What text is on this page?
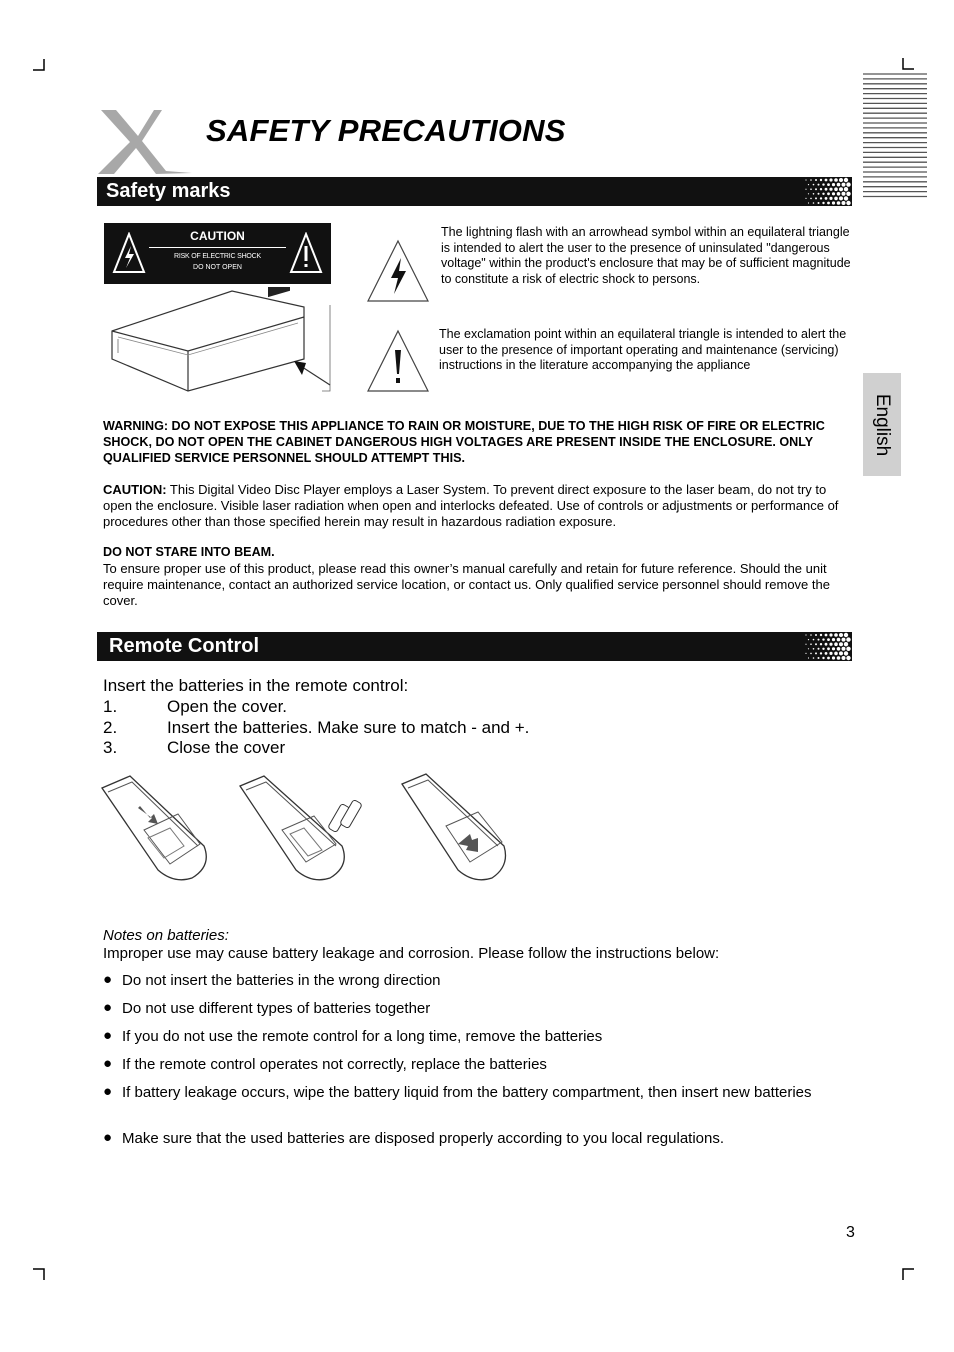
SAFETY PRECAUTIONS
Safety marks
CAUTION
RISK OF ELECTRIC SHOCK
DO NOT OPEN
The lightning flash with an arrowhead symbol within an equilateral triangle is intended to alert the user to the presence of uninsulated "dangerous voltage" within the product's enclosure that may be of sufficient magnitude to constitute a risk of electric shock to persons.
The exclamation point within an equilateral triangle is intended to alert the user to the presence of important operating and maintenance (servicing) instructions in the literature accompanying the appliance
WARNING: DO NOT EXPOSE THIS APPLIANCE TO RAIN OR MOISTURE, DUE TO THE HIGH RISK OF FIRE OR ELECTRIC SHOCK, DO NOT OPEN THE CABINET DANGEROUS HIGH VOLTAGES ARE PRESENT INSIDE THE ENCLOSURE. ONLY QUALIFIED SERVICE PERSONNEL SHOULD ATTEMPT THIS.
CAUTION: This Digital Video Disc Player employs a Laser System. To prevent direct exposure to the laser beam, do not try to open the enclosure. Visible laser radiation when open and interlocks defeated. Use of controls or adjustments or performance of procedures other than those specified herein may result in hazardous radiation exposure.
DO NOT STARE INTO BEAM.
To ensure proper use of this product, please read this owner’s manual carefully and retain for future reference. Should the unit require maintenance, contact an authorized service location, or contact us. Only qualified service personnel should remove the cover.
Remote Control
Insert the batteries in the remote control:
1.	Open the cover.
2.	Insert the batteries. Make sure to match - and +.
3.	Close the cover
Notes on batteries:
Improper use may cause battery leakage and corrosion. Please follow the instructions below:
● Do not insert the batteries in the wrong direction
● Do not use different types of batteries together
● If you do not use the remote control for a long time, remove the batteries
● If the remote control operates not correctly, replace the batteries
● If battery leakage occurs, wipe the battery liquid from the battery compartment, then insert new batteries
● Make sure that the used batteries are disposed properly according to you local regulations.
English
3
